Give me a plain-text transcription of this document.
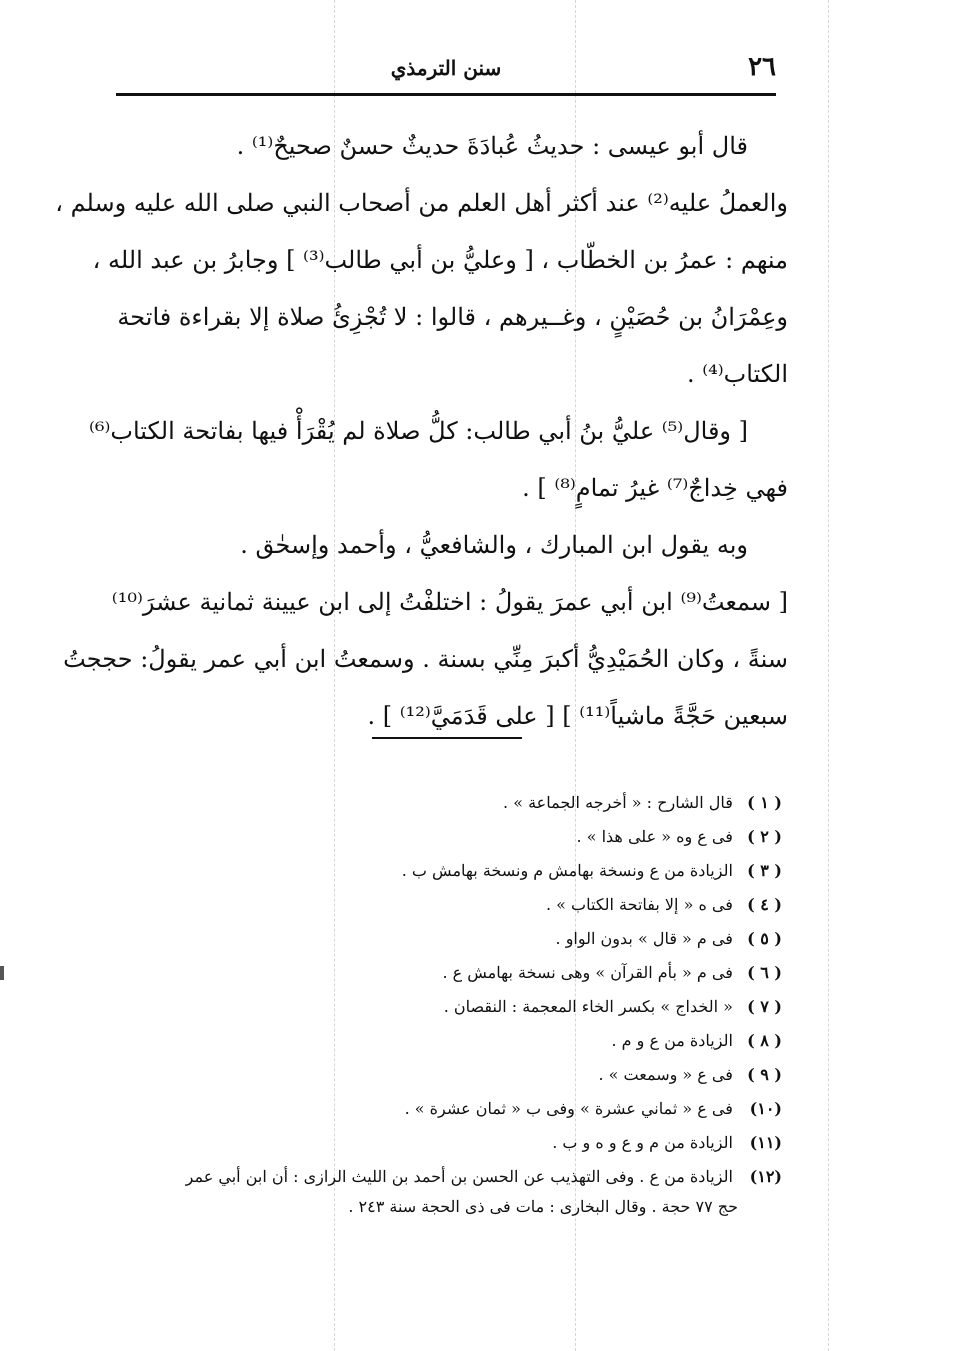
٢٦
سنن الترمذي
قال أبو عيسى : حديثُ عُبادَةَ حديثٌ حسنٌ صحيحٌ⁽¹⁾ .
والعملُ عليه⁽²⁾ عند أكثر أهل العلم من أصحاب النبي صلى الله عليه وسلم ،
منهم : عمرُ بن الخطّاب ، [ وعليُّ بن أبي طالب⁽³⁾ ] وجابرُ بن عبد الله ،
وعِمْرَانُ بن حُصَيْنٍ ، وغــيرهم ، قالوا : لا تُجْزِئُ صلاة إلا بقراءة فاتحة
الكتاب⁽⁴⁾ .
[ وقال⁽⁵⁾ عليُّ بنُ أبي طالب: كلُّ صلاة لم يُقْرَأْ فيها بفاتحة الكتاب⁽⁶⁾
فهي خِداجٌ⁽⁷⁾ غيرُ تمامٍ⁽⁸⁾ ] .
وبه يقول ابن المبارك ، والشافعيُّ ، وأحمد وإسحٰق .
[ سمعتُ⁽⁹⁾ ابن أبي عمرَ يقولُ : اختلفْتُ إلى ابن عيينة ثمانية عشرَ⁽¹⁰⁾
سنةً ، وكان الحُمَيْدِيُّ أكبرَ مِنِّي بسنة . وسمعتُ ابن أبي عمر يقولُ: حججتُ
سبعين حَجَّةً ماشياً⁽¹¹⁾ ] [ على قَدَمَيَّ⁽¹²⁾ ] .
( ١ ) قال الشارح : « أخرجه الجماعة » .
( ٢ ) فى ع وه « على هذا » .
( ٣ ) الزيادة من ع ونسخة بهامش م ونسخة بهامش ب .
( ٤ ) فى ه « إلا بفاتحة الكتاب » .
( ٥ ) فى م « قال » بدون الواو .
( ٦ ) فى م « بأم القرآن » وهى نسخة بهامش ع .
( ٧ ) « الخداج » بكسر الخاء المعجمة : النقصان .
( ٨ ) الزيادة من ع و م .
( ٩ ) فى ع « وسمعت » .
(١٠) فى ع « ثماني عشرة » وفى ب « ثمان عشرة » .
(١١) الزيادة من م و ع و ه و ب .
(١٢) الزيادة من ع . وفى التهذيب عن الحسن بن أحمد بن الليث الرازى : أن ابن أبي عمر
حج ٧٧ حجة . وقال البخارى : مات فى ذى الحجة سنة ٢٤٣ .
